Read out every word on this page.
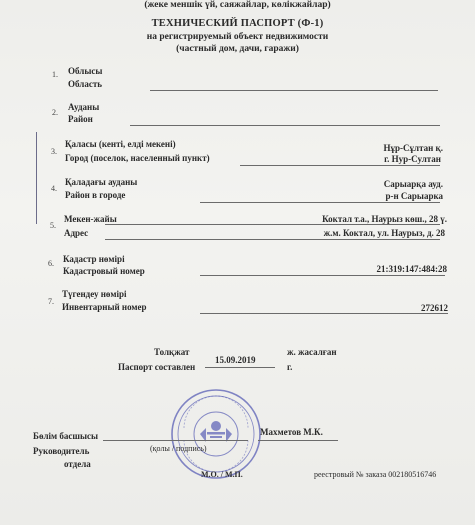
(жеке меншік үй, саяжайлар, көлікжайлар)
ТЕХНИЧЕСКИЙ ПАСПОРТ (Ф-1)
на регистрируемый объект недвижимости
(частный дом, дачи, гаражи)
1. Облысы
Область
2.
Ауданы
Район
3.
Қаласы (кенті, елді мекені)
Город (поселок, населенный пункт)
Нұр-Сұлтан қ.
г. Нур-Султан
4.
Қаладағы ауданы
Район в городе
Сарыарқа ауд.
р-н Сарыарка
5.
Мекен-жайы
Адрес
Коктал т.а., Наурыз көш., 28 ү.
ж.м. Коктал, ул. Наурыз, д. 28
6. Кадастр нөмірі
Кадастровый номер	21:319:147:484:28
7.
Түгендеу нөмірі
Инвентарный номер	272612
Толқжат
Паспорт составлен
15.09.2019
ж. жасалған
г.
Бөлім басшысы
Руководитель
отдела
(қолы / подпись)
Махметов М.К.
М.О. / М.П.	реестровый № заказа 002180516746
